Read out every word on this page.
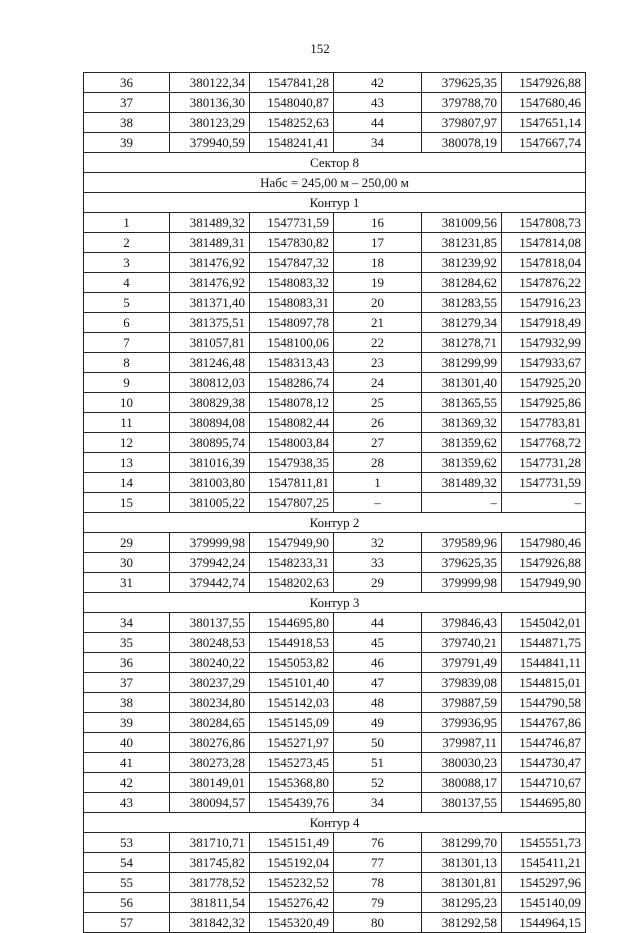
152
36	380122,34	1547841,28	42	379625,35	1547926,88
37	380136,30	1548040,87	43	379788,70	1547680,46
38	380123,29	1548252,63	44	379807,97	1547651,14
39	379940,59	1548241,41	34	380078,19	1547667,74
Сектор 8					
Набс = 245,00 м – 250,00 м					
Контур 1					
1	381489,32	1547731,59	16	381009,56	1547808,73
2	381489,31	1547830,82	17	381231,85	1547814,08
3	381476,92	1547847,32	18	381239,92	1547818,04
4	381476,92	1548083,32	19	381284,62	1547876,22
5	381371,40	1548083,31	20	381283,55	1547916,23
6	381375,51	1548097,78	21	381279,34	1547918,49
7	381057,81	1548100,06	22	381278,71	1547932,99
8	381246,48	1548313,43	23	381299,99	1547933,67
9	380812,03	1548286,74	24	381301,40	1547925,20
10	380829,38	1548078,12	25	381365,55	1547925,86
11	380894,08	1548082,44	26	381369,32	1547783,81
12	380895,74	1548003,84	27	381359,62	1547768,72
13	381016,39	1547938,35	28	381359,62	1547731,28
14	381003,80	1547811,81	1	381489,32	1547731,59
15	381005,22	1547807,25	–	–	–
Контур 2					
29	379999,98	1547949,90	32	379589,96	1547980,46
30	379942,24	1548233,31	33	379625,35	1547926,88
31	379442,74	1548202,63	29	379999,98	1547949,90
Контур 3					
34	380137,55	1544695,80	44	379846,43	1545042,01
35	380248,53	1544918,53	45	379740,21	1544871,75
36	380240,22	1545053,82	46	379791,49	1544841,11
37	380237,29	1545101,40	47	379839,08	1544815,01
38	380234,80	1545142,03	48	379887,59	1544790,58
39	380284,65	1545145,09	49	379936,95	1544767,86
40	380276,86	1545271,97	50	379987,11	1544746,87
41	380273,28	1545273,45	51	380030,23	1544730,47
42	380149,01	1545368,80	52	380088,17	1544710,67
43	380094,57	1545439,76	34	380137,55	1544695,80
Контур 4					
53	381710,71	1545151,49	76	381299,70	1545551,73
54	381745,82	1545192,04	77	381301,13	1545411,21
55	381778,52	1545232,52	78	381301,81	1545297,96
56	381811,54	1545276,42	79	381295,23	1545140,09
57	381842,32	1545320,49	80	381292,58	1544964,15
